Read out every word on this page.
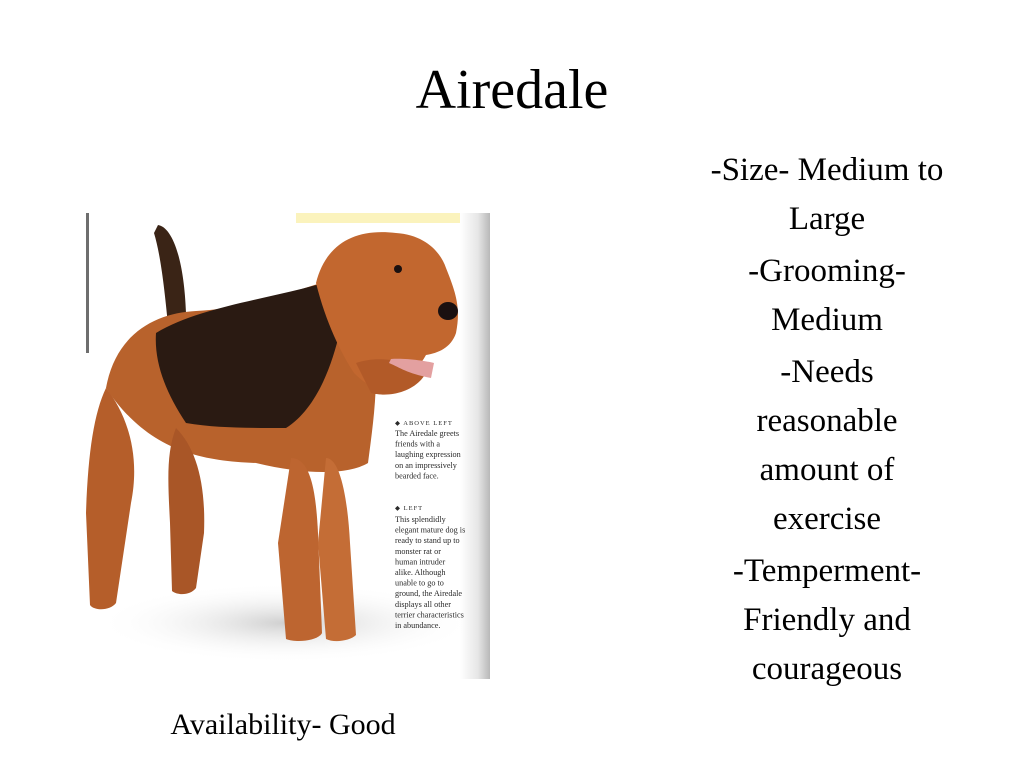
Airedale
◆ ABOVE LEFT
The Airedale greets
friends with a
laughing expression
on an impressively
bearded face.
◆ LEFT
This splendidly
elegant mature dog is
ready to stand up to
monster rat or
human intruder
alike. Although
unable to go to
ground, the Airedale
displays all other
terrier characteristics
in abundance.
Availability- Good
-Size- Medium to
Large
-Grooming-
Medium
-Needs
reasonable
amount of
exercise
-Temperment-
Friendly and
courageous
